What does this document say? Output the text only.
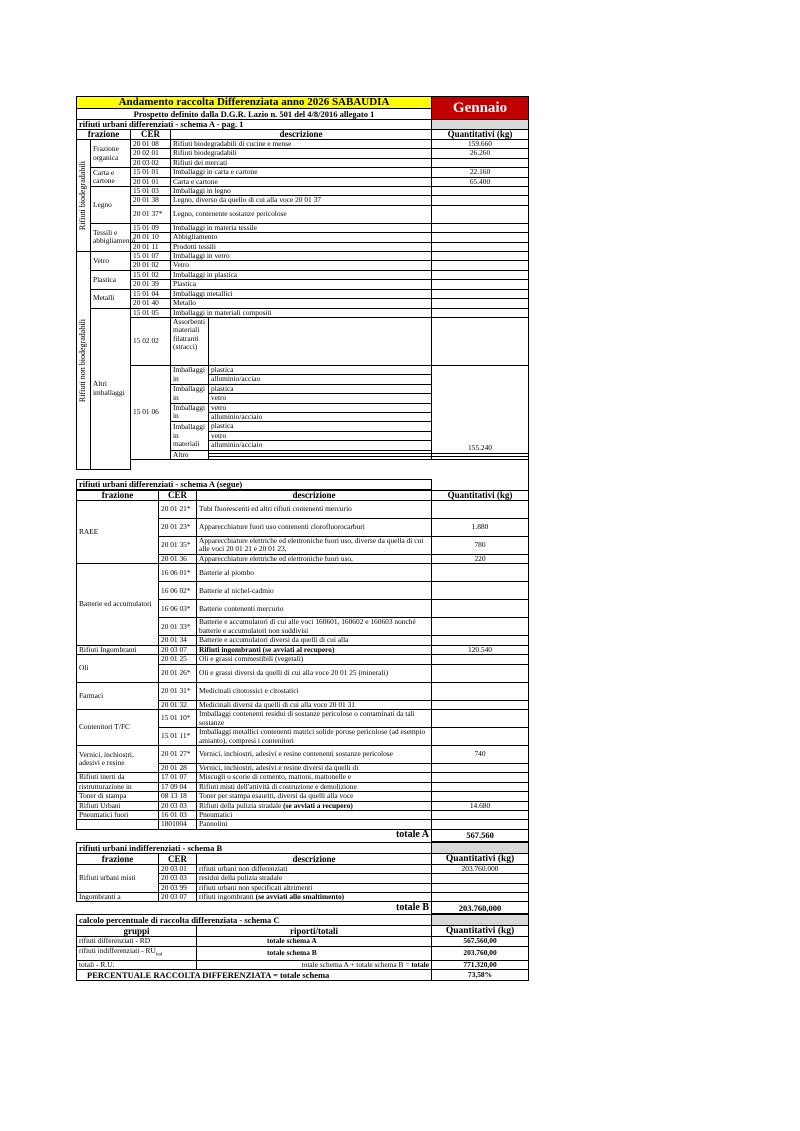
Andamento raccolta Differenziata anno 2026 SABAUDIA					Gennaio	
Prospetto definito dalla D.G.R. Lazio n. 501 del 4/8/2016 allegato 1						
rifiuti urbani differenziati - schema A - pag. 1						
frazione		CER	descrizione		Quantitativi (kg)	

Rifiuti biodegradabili	Frazione organica	20 01 08	Rifiuti biodegradabili di cucine e mense		159.660	
		20 02 01	Rifiuti biodegradabili		26.260	
		20 03 02	Rifiuti dei mercati			
	Carta e cartone	15 01 01	Imballaggi in carta e cartone		22.160	
		20 01 01	Carta e cartone		65.400	
	Legno	15 01 03	Imballaggi in legno			
		20 01 38	Legno, diverso da quello di cui alla voce 20 01 37			
		20 01 37*	Legno, contenente sostanze pericolose			
	Tessili e abbigliamento	15 01 09	Imballaggi in materia tessile			
		20 01 10	Abbigliamento			
		20 01 11	Prodotti tessili			

Rifiuti non biodegradabili	Vetro	15 01 07	Imballaggi in vetro			
		20 01 02	Vetro			
	Plastica	15 01 02	Imballaggi in plastica			
		20 01 39	Plastica			
	Metalli	15 01 04	Imballaggi metallici			
		20 01 40	Metallo			
	Altri imballaggi	15 01 05	Imballaggi in materiali compositi			
		15 02 02	Assorbenti materiali filatranti (stracci)			
		15 01 06	Imballaggi in	plastica	155.240	
				alluminio/acciao		
			Imballaggi in	plastica		
				vetro		
			Imballaggi in	vetro		
				alluminio/acciaio		
			Imballaggi in materiali	plastica		
				vetro		
				alluminio/acciaio		
			Altro			

rifiuti urbani differenziati - schema A (segue)						
frazione	CER	descrizione	Quantitativi (kg)
RAEE	20 01 21*	Tubi fluorescenti ed altri rifiuti contenenti mercurio	
	20 01 23*	Apparecchiature fuori uso contenenti clorofluorocarburi	1.880
	20 01 35*	Apparecchiature elettriche ed elettroniche fuori uso, diverse da quella di cui alle voci 20 01 21 e 20 01 23,	780
	20 01 36	Apparecchiature elettriche ed elettroniche fuori uso,	220
Batterie ed accumulatori	16 06 01*	Batterie al piombo	
	16 06 02*	Batterie al nichel-cadmio	
	16 06 03*	Batterie contenenti mercurio	
	20 01 33*	Batterie e accumulatori di cui alle voci 160601, 160602 e 160603 nonché batterie e accumulatori non suddivisi	
	20 01 34	Batterie e accumulatori diversi da quelli di cui alla	
Rifiuti Ingombranti	20 03 07	Rifiuti ingombranti (se avviati al recupero)	120.540
Oli	20 01 25	Oli e grassi commestibili (vegetali)	
	20 01 26*	Oli e grassi diversi da quelli di cui alla voce 20 01 25 (minerali)	
Farmaci	20 01 31*	Medicinali citotossici e citostatici	
	20 01 32	Medicinali diversi da quelli di cui alla voce 20 01 31	
Contenitori T/FC	15 01 10*	Imballaggi contenenti residui di sostanze pericolose o contaminati da tali sostanze	
	15 01 11*	Imballaggi metallici contenenti matrici solide porose pericolose (ad esempio amianto), compresi i contenitori	
Vernici, inchiostri, adesivi e resine	20 01 27*	Vernici, inchiostri, adesivi e resine contenenti sostanze pericolose	740
	20 01 28	Vernici, inchiostri, adesivi e resine diversi da quelli di	
Rifiuti inerti da	17 01 07	Miscugli o scorie di cemento, mattoni, mattonelle e	
ristrutturazione in	17 09 04	Rifiuti misti dell'attività di costruzione e demolizione	
Toner di stampa	08 13 18	Toner per stampa esauriti, diversi da quelli alla voce	
Rifiuti Urbani	20 03 03	Rifiuti della pulizia stradale (se avviati a recupero)	14.680
Pneumatici fuori	16 01 03	Pneumatici	
	1801004	Pannolini	
totale A			567.560
rifiuti urbani indifferenziati - schema B			
frazione	CER	descrizione	Quantitativi (kg)
Rifiuti urbani misti	20 03 01	rifiuti urbani non differenziati	203.760.000
	20 03 03	residui della pulizia stradale	
	20 03 99	rifiuti urbani non specificati altrimenti	
Ingombranti a	20 03 07	rifiuti ingombranti (se avviati allo smaltimento)	
totale B			203.760,000
calcolo percentuale di raccolta differenziata - schema C		
gruppi	riporti/totali	Quantitativi (kg)
rifiuti differenziati - RD	totale schema A	567.560,00
rifiuti indifferenziati - $RU_{ind}$	totale schema B	203.760,00
totali - R.U.	totale schema A + totale schema B = totale	771.320,00
PERCENTUALE RACCOLTA DIFFERENZIATA = totale schema		73,58%
